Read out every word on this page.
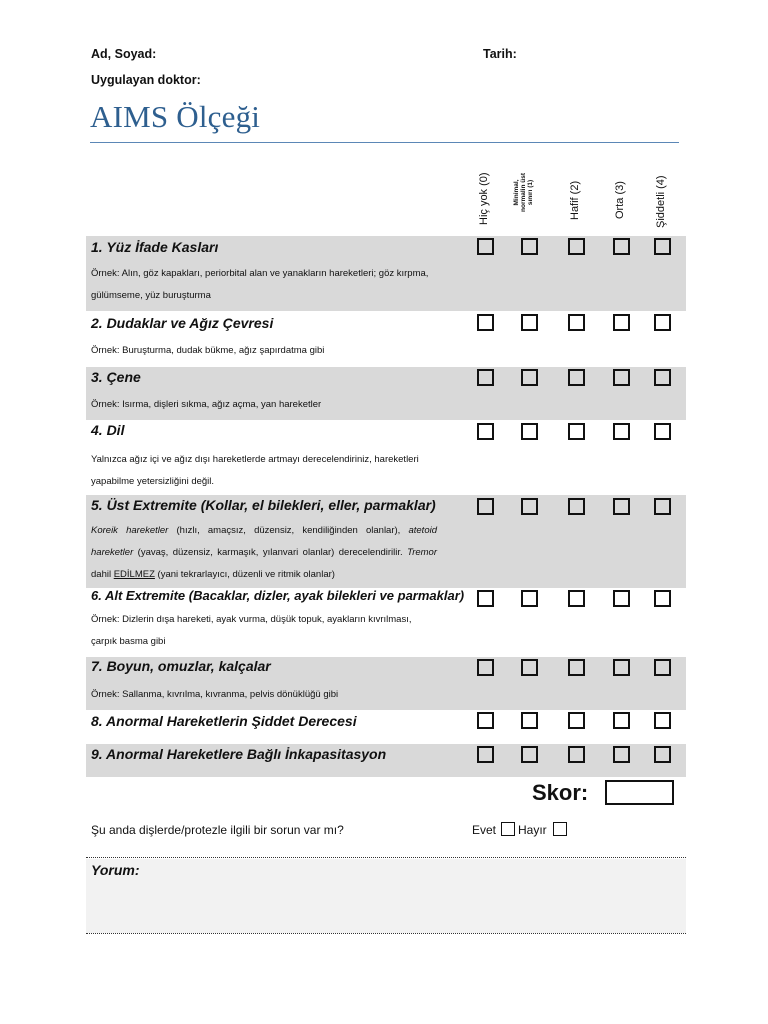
Ad, Soyad:	Tarih:
Uygulayan doktor:
AIMS Ölçeği
Hiç yok (0)	Minimal, normalin üst sınırı (1)	Hafif (2)	Orta (3)	Şiddetli (4)
1. Yüz İfade Kasları
Örnek: Alın, göz kapakları, periorbital alan ve yanakların hareketleri; göz kırpma, gülümseme, yüz buruşturma
2. Dudaklar ve Ağız Çevresi
Örnek: Buruşturma, dudak bükme, ağız şapırdatma gibi
3. Çene
Örnek: Isırma, dişleri sıkma, ağız açma, yan hareketler
4. Dil
Yalnızca ağız içi ve ağız dışı hareketlerde artmayı derecelendiriniz, hareketleri yapabilme yetersizliğini değil.
5. Üst Extremite (Kollar, el bilekleri, eller, parmaklar)
Koreik hareketler (hızlı, amaçsız, düzensiz, kendiliğinden olanlar), atetoid hareketler (yavaş, düzensiz, karmaşık, yılanvari olanlar) derecelendirilir. Tremor dahil EDİLMEZ (yani tekrarlayıcı, düzenli ve ritmik olanlar)
6. Alt Extremite (Bacaklar, dizler, ayak bilekleri ve parmaklar)
Örnek: Dizlerin dışa hareketi, ayak vurma, düşük topuk, ayakların kıvrılması, çarpık basma gibi
7. Boyun, omuzlar, kalçalar
Örnek: Sallanma, kıvrılma, kıvranma, pelvis dönüklüğü gibi
8. Anormal Hareketlerin Şiddet Derecesi
9. Anormal Hareketlere Bağlı İnkapasitasyon
Skor:
Şu anda dişlerde/protezle ilgili bir sorun var mı?	Evet Hayır
Yorum:
